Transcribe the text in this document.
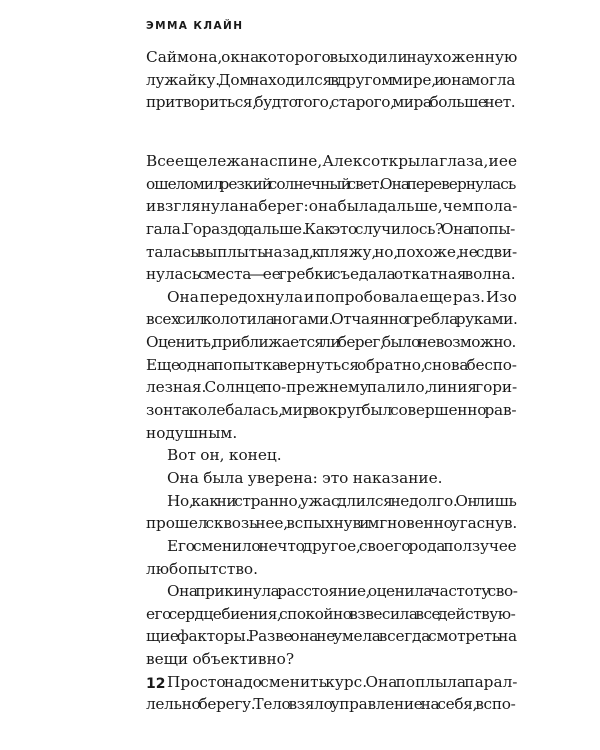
ЭММА КЛАЙН
Саймона, окна которого выходили на ухоженную
лужайку. Дом находился в другом мире, и она могла
притвориться, будто того, старого, мира больше нет.
Все еще лежа на спине, Алекс открыла глаза, и ее
ошеломил резкий солнечный свет. Она перевернулась
и взглянула на берег: она была дальше, чем пола-
гала. Гораздо дальше. Как это случилось? Она попы-
талась выплыть назад, к пляжу, но, похоже, не сдви-
нулась с места — ее гребки съедала откатная волна.
Она передохнула и попробовала еще раз. Изо
всех сил колотила ногами. Отчаянно гребла руками.
Оценить, приближается ли берег, было невозможно.
Еще одна попытка вернуться обратно, снова беспо-
лезная. Солнце по-прежнему палило, линия гори-
зонта колебалась, мир вокруг был совершенно рав-
нодушным.
Вот он, конец.
Она была уверена: это наказание.
Но, как ни странно, ужас длился недолго. Он лишь
прошел сквозь нее, вспыхнув и мгновенно угаснув.
Его сменило нечто другое, своего рода ползучее
любопытство.
Она прикинула расстояние, оценила частоту сво-
его сердцебиения, спокойно взвесила все действую-
щие факторы. Разве она не умела всегда смотреть на
вещи объективно?
Просто надо сменить курс. Она поплыла парал-
лельно берегу. Тело взяло управление на себя, вспо-
12
